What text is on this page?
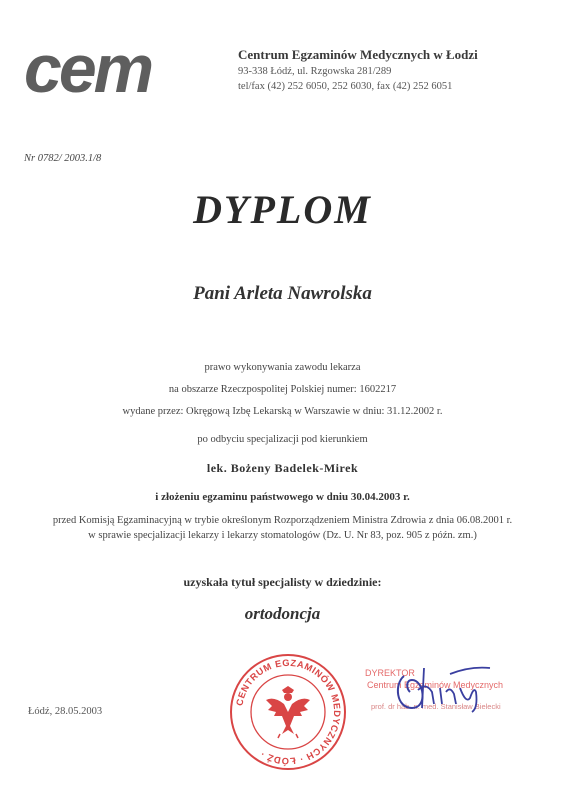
cem	Centrum Egzaminów Medycznych w Łodzi
93-338 Łódź, ul. Rzgowska 281/289
tel/fax (42) 252 6050, 252 6030, fax (42) 252 6051
Nr 0782/ 2003.1/8
DYPLOM
Pani Arleta Nawrolska
prawo wykonywania zawodu lekarza
na obszarze Rzeczpospolitej Polskiej numer: 1602217
wydane przez: Okręgową Izbę Lekarską w Warszawie w dniu: 31.12.2002 r.
po odbyciu specjalizacji pod kierunkiem
lek. Bożeny Badelek-Mirek
i złożeniu egzaminu państwowego w dniu 30.04.2003 r.
przed Komisją Egzaminacyjną w trybie określonym Rozporządzeniem Ministra Zdrowia z dnia 06.08.2001 r.
w sprawie specjalizacji lekarzy i lekarzy stomatologów (Dz. U. Nr 83, poz. 905 z późn. zm.)
uzyskała tytuł specjalisty w dziedzinie:
ortodoncja
Łódź, 28.05.2003
CENTRUM EGZAMINÓW MEDYCZNYCH · ŁÓDŹ ·
DYREKTOR
Centrum Egzaminów Medycznych
prof. dr hab. n. med. Stanisław Bielecki
